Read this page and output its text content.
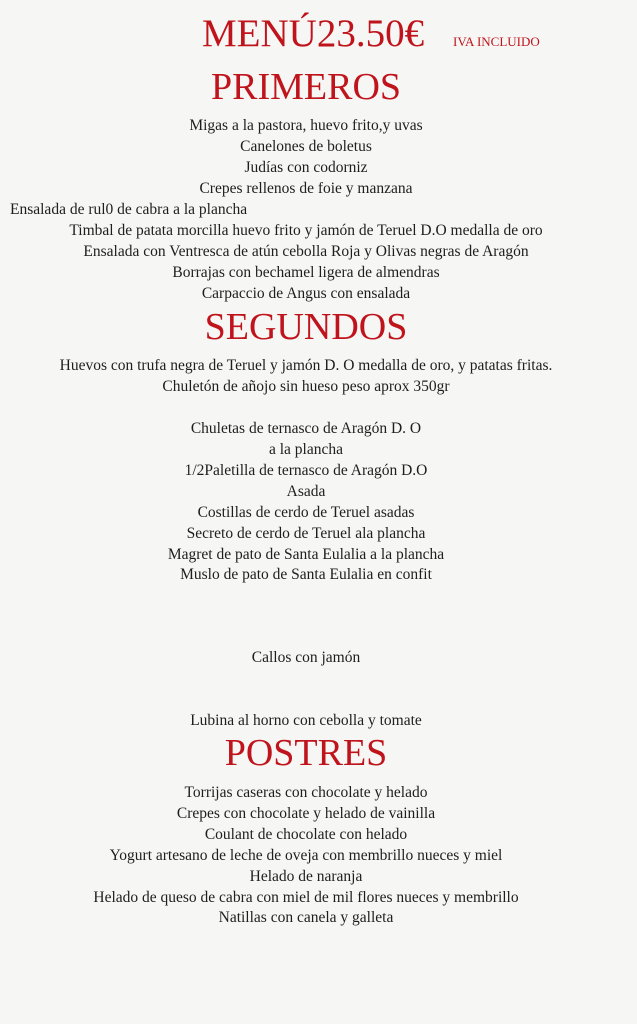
MENÚ23.50€ IVA INCLUIDO
PRIMEROS
Migas a la pastora, huevo frito,y uvas
Canelones de boletus
Judías con codorniz
Crepes rellenos de foie y manzana
Ensalada de rul0 de cabra a la plancha
Timbal de patata morcilla huevo frito y jamón de Teruel D.O medalla de oro
Ensalada con Ventresca de atún cebolla Roja y Olivas negras de Aragón
Borrajas con bechamel ligera de almendras
Carpaccio de Angus con ensalada
SEGUNDOS
Huevos con trufa negra de Teruel y jamón D. O medalla de oro, y patatas fritas.
Chuletón de añojo sin hueso peso aprox 350gr
Chuletas de ternasco de Aragón D. O
a la plancha
1/2Paletilla de ternasco de Aragón D.O
Asada
Costillas de cerdo de Teruel asadas
Secreto de cerdo de Teruel ala plancha
Magret de pato de Santa Eulalia a la plancha
Muslo de pato de Santa Eulalia en confit
Callos con jamón
Lubina al horno con cebolla y tomate
POSTRES
Torrijas caseras con chocolate y helado
Crepes con chocolate y helado de vainilla
Coulant de chocolate con helado
Yogurt artesano de leche de oveja con membrillo nueces y miel
Helado de naranja
Helado de queso de cabra con miel de mil flores nueces y membrillo
Natillas con canela y galleta
